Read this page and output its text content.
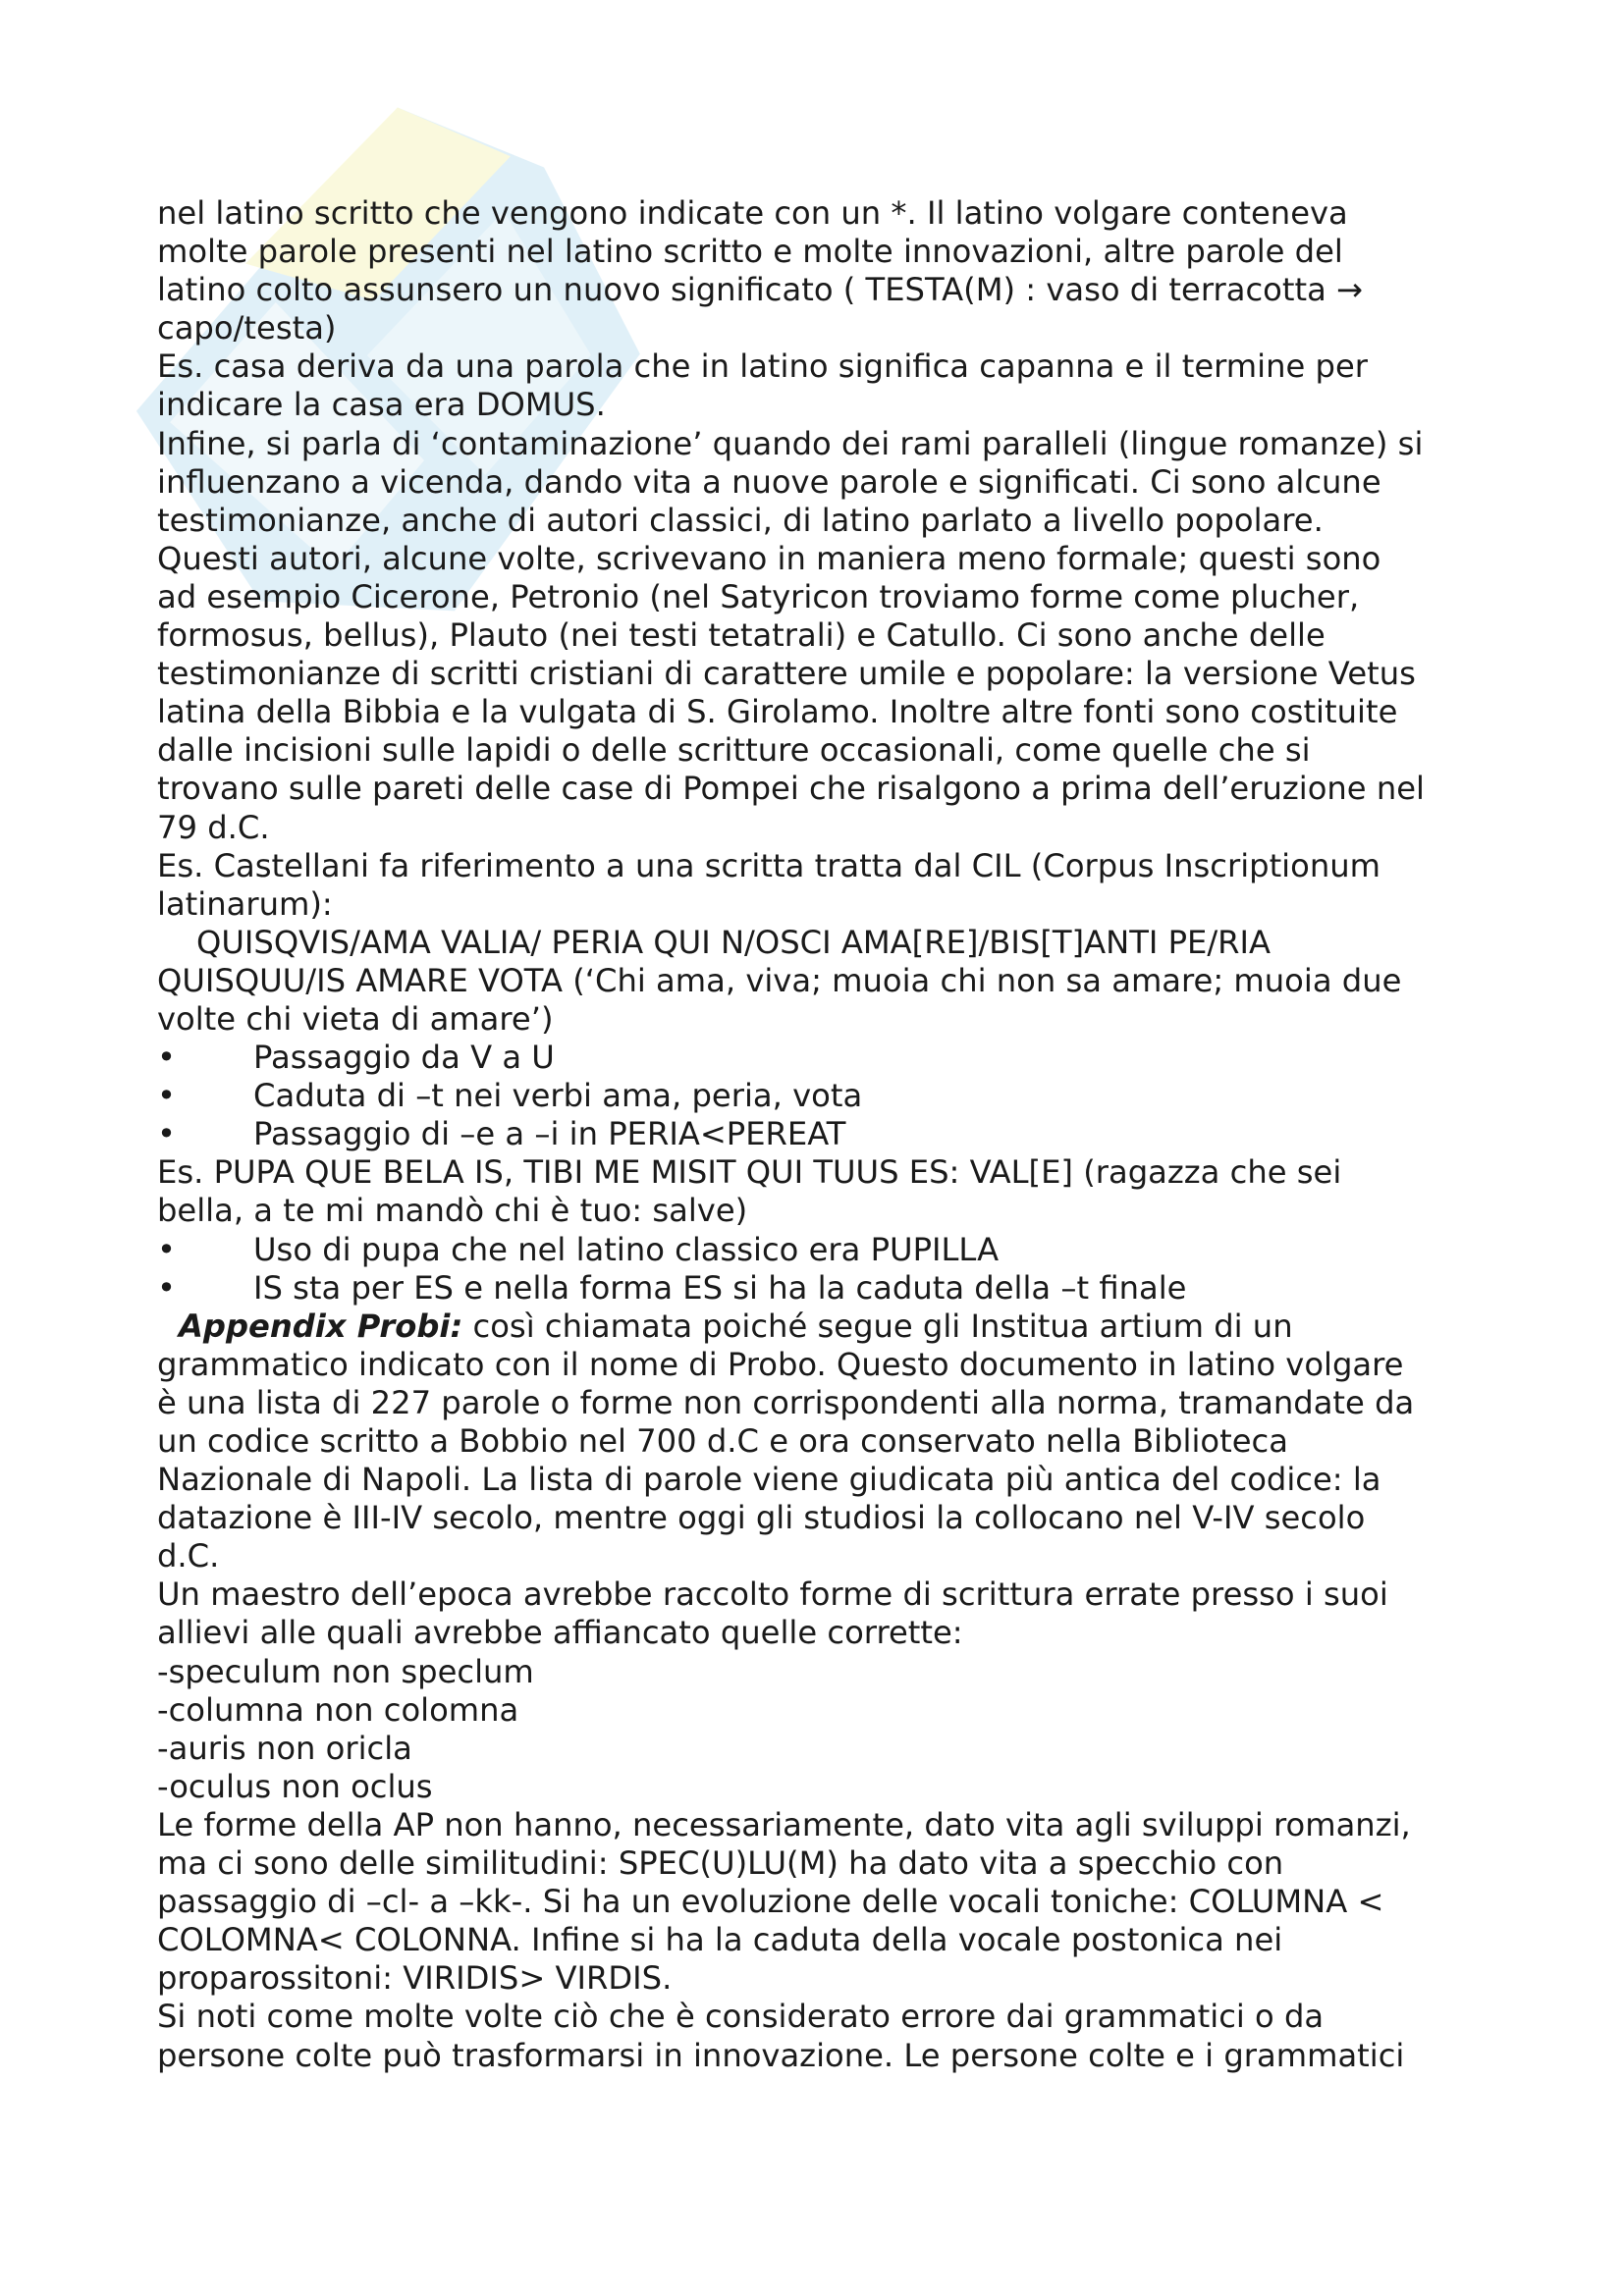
nel latino scritto che vengono indicate con un *. Il latino volgare conteneva
molte parole presenti nel latino scritto e molte innovazioni, altre parole del
latino colto assunsero un nuovo significato ( TESTA(M) : vaso di terracotta →
capo/testa)
Es. casa deriva da una parola che in latino significa capanna e il termine per
indicare la casa era DOMUS.
Infine, si parla di ‘contaminazione’ quando dei rami paralleli (lingue romanze) si
influenzano a vicenda, dando vita a nuove parole e significati. Ci sono alcune
testimonianze, anche di autori classici, di latino parlato a livello popolare.
Questi autori, alcune volte, scrivevano in maniera meno formale; questi sono
ad esempio Cicerone, Petronio (nel Satyricon troviamo forme come plucher,
formosus, bellus), Plauto (nei testi tetatrali) e Catullo. Ci sono anche delle
testimonianze di scritti cristiani di carattere umile e popolare: la versione Vetus
latina della Bibbia e la vulgata di S. Girolamo. Inoltre altre fonti sono costituite
dalle incisioni sulle lapidi o delle scritture occasionali, come quelle che si
trovano sulle pareti delle case di Pompei che risalgono a prima dell’eruzione nel
79 d.C.
Es. Castellani fa riferimento a una scritta tratta dal CIL (Corpus Inscriptionum
latinarum):
QUISQVIS/AMA VALIA/ PERIA QUI N/OSCI AMA[RE]/BIS[T]ANTI PE/RIA
QUISQUU/IS AMARE VOTA (‘Chi ama, viva; muoia chi non sa amare; muoia due
volte chi vieta di amare’)
• Passaggio da V a U
• Caduta di –t nei verbi ama, peria, vota
• Passaggio di –e a –i in PERIA<PEREAT
Es. PUPA QUE BELA IS, TIBI ME MISIT QUI TUUS ES: VAL[E] (ragazza che sei
bella, a te mi mandò chi è tuo: salve)
• Uso di pupa che nel latino classico era PUPILLA
• IS sta per ES e nella forma ES si ha la caduta della –t finale
Appendix Probi: così chiamata poiché segue gli Institua artium di un
grammatico indicato con il nome di Probo. Questo documento in latino volgare
è una lista di 227 parole o forme non corrispondenti alla norma, tramandate da
un codice scritto a Bobbio nel 700 d.C e ora conservato nella Biblioteca
Nazionale di Napoli. La lista di parole viene giudicata più antica del codice: la
datazione è III-IV secolo, mentre oggi gli studiosi la collocano nel V-IV secolo
d.C.
Un maestro dell’epoca avrebbe raccolto forme di scrittura errate presso i suoi
allievi alle quali avrebbe affiancato quelle corrette:
-speculum non speclum
-columna non colomna
-auris non oricla
-oculus non oclus
Le forme della AP non hanno, necessariamente, dato vita agli sviluppi romanzi,
ma ci sono delle similitudini: SPEC(U)LU(M) ha dato vita a specchio con
passaggio di –cl- a –kk-. Si ha un evoluzione delle vocali toniche: COLUMNA <
COLOMNA< COLONNA. Infine si ha la caduta della vocale postonica nei
proparossitoni: VIRIDIS> VIRDIS.
Si noti come molte volte ciò che è considerato errore dai grammatici o da
persone colte può trasformarsi in innovazione. Le persone colte e i grammatici
